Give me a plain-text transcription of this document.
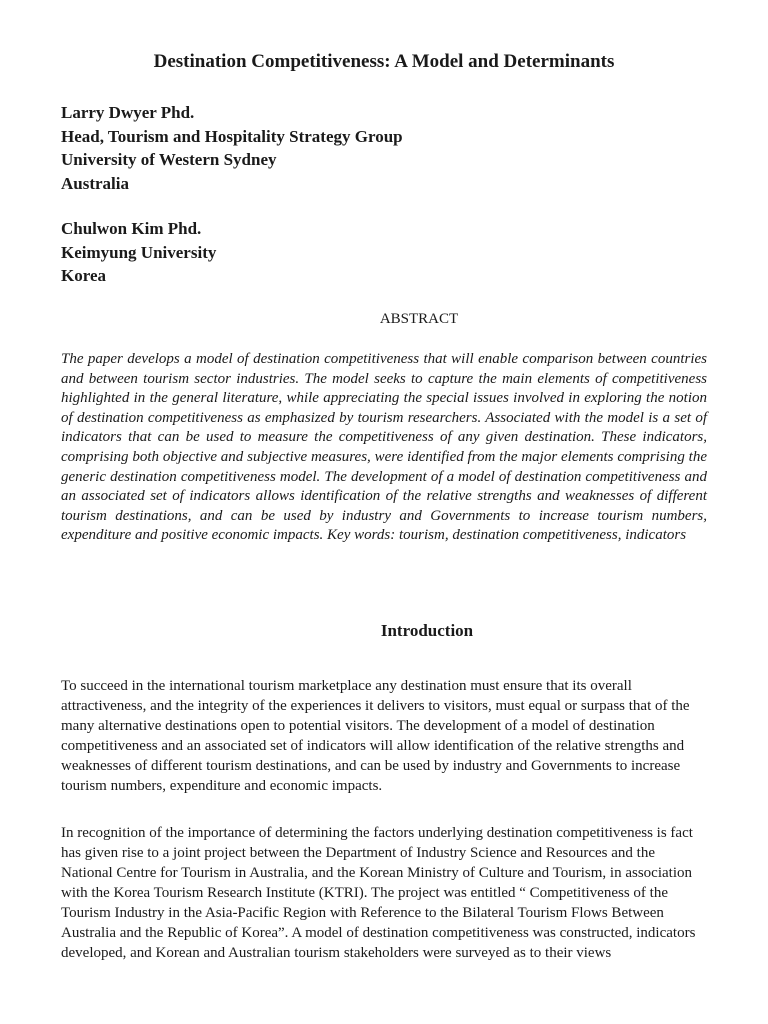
Destination Competitiveness: A Model and Determinants
Larry Dwyer Phd.
Head, Tourism and Hospitality Strategy Group
University of Western Sydney
Australia
Chulwon Kim Phd.
Keimyung University
Korea
ABSTRACT

The paper develops a model of destination competitiveness that will enable comparison between countries and between tourism sector industries. The model seeks to capture the main elements of competitiveness highlighted in the general literature, while appreciating the special issues involved in exploring the notion of destination competitiveness as emphasized by tourism researchers. Associated with the model is a set of indicators that can be used to measure the competitiveness of any given destination. These indicators, comprising both objective and subjective measures, were identified from the major elements comprising the generic destination competitiveness model. The development of a model of destination competitiveness and an associated set of indicators allows identification of the relative strengths and weaknesses of different tourism destinations, and can be used by industry and Governments to increase tourism numbers, expenditure and positive economic impacts. Key words: tourism, destination competitiveness, indicators

Introduction

To succeed in the international tourism marketplace any destination must ensure that its overall attractiveness, and the integrity of the experiences it delivers to visitors, must equal or surpass that of the many alternative destinations open to potential visitors. The development of a model of destination competitiveness and an associated set of indicators will allow identification of the relative strengths and weaknesses of different tourism destinations, and can be used by industry and Governments to increase tourism numbers, expenditure and economic impacts.

In recognition of the importance of determining the factors underlying destination competitiveness is fact has given rise to a joint project between the Department of Industry Science and Resources and the National Centre for Tourism in Australia, and the Korean Ministry of Culture and Tourism, in association with the Korea Tourism Research Institute (KTRI). The project was entitled “ Competitiveness of the Tourism Industry in the Asia-Pacific Region with Reference to the Bilateral Tourism Flows Between Australia and the Republic of Korea”. A model of destination competitiveness was constructed, indicators developed, and Korean and Australian tourism stakeholders were surveyed as to their views
